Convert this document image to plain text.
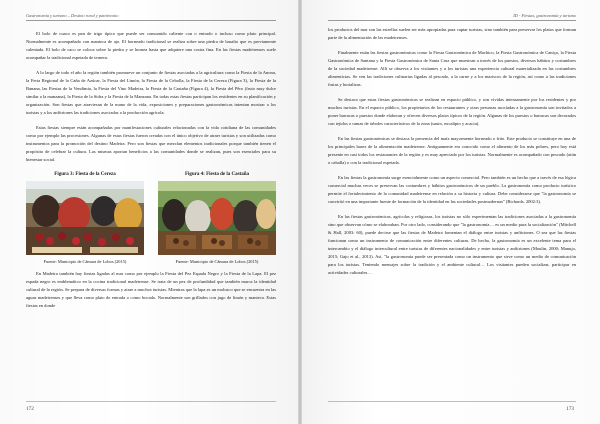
Gastronomía y turismo – Destino rural y patrimonio

El bolo de cuaco es pan de trigo típico que puede ser consumido caliente con o entrado o incluso como plato principal. Normalmente es acompañado con manteca de ajo. El horneado tradicional se realiza sobre una piedra de basalto que es previamente calentada. El bolo de caco se coloca sobre la piedra y se hornea hasta que adquiere una costra fina. En las fiestas madeirenses suele acompañar la tradicional espetada de ternera.

A lo largo de todo el año la región también promueve un conjunto de fiestas asociadas a la agricultura como la Fiesta de la Anona, la Feria Regional de la Caña de Azúcar, la Fiesta del Limón, la Fiesta de la Cebolla, la Fiesta de la Cereza (Figura 3), la Fiesta de la Banana, las Fiestas de la Vendimia, la Fiesta del Vino Madeira, la Fiesta de la Castaña (Figura 4), la Fiesta del Pêro (fruto muy dulce similar a la manzana), la Fiesta de la Sidra y la Fiesta de la Manzana. En todas estas fiestas participan los residentes en su planificación y organización. Son fiestas que atraviesan de la mano de la vida, exposiciones y preparaciones gastronómicas intentan mostrar a los turistas y a los anfitriones las tradiciones asociadas a la producción agrícola.

Estas fiestas siempre están acompañadas por manifestaciones culturales relacionadas con la vida cotidiana de las comunidades como por ejemplo las procesiones. Algunas de estas fiestas fueron creadas con el único objetivo de atraer turistas y son utilizadas como instrumentos para la promoción del destino Madeira. Pero son fiestas que mezclan elementos tradicionales porque también tienen el propósito de celebrar la cultura. Las mismas aportan beneficios a las comunidades donde se realizan, pues son esenciales para su bienestar social.

Figura 3: Fiesta de la Cereza
Fuente: Municipio de Câmara de Lobos (2015)
Figura 4: Fiesta de la Castaña
Fuente: Municipio de Câmara de Lobos (2015)

En Madeira también hay fiestas ligadas al mar como por ejemplo la Fiesta del Pez Espada Negro y la Fiesta de la Lapa. El pez espada negro es emblemático en la cocina tradicional madeirense. Se trata de un pez de profundidad que también marca la identidad cultural de la región. Se prepara de diversas formas y atrae a muchos turistas. Mientras que la lapa es un molusco que se encuentra en las aguas madeirenses y que lleva como plato de entrada o como bocado. Normalmente son grillados con jugo de limón y manteca. Estas fiestas en donde

172
ID - Fiestas, gastronomía y turismo

los productos del mar son las estrellas suelen ser más apropiadas para captar turistas, sino también para preservar los platos que forman parte de la alimentación de las madeirenses.

Finalmente están las fiestas gastronómicas como la Fiesta Gastronómica de Machico, la Fiesta Gastronómica de Caniço, la Fiesta Gastronómica de Santana y la Fiesta Gastronómica de Santa Cruz que muestran a través de los puestos, diversos hábitos y costumbres de la sociedad madeirense. Allí se observa a los visitantes y a los turistas una experiencia cultural materializada en las costumbres alimenticias. Se ven las tradiciones culinarias ligadas al pescado, a la carne y a los mariscos de la región, así como a las tradiciones frutas y hortalizas.

Se destaca que estas fiestas gastronómicas se realizan en espacio público, y son vividas intensamente por los residentes y por muchos turistas. En el espacio público, los propietarios de los restaurantes y otras personas asociadas a la gastronomía son invitados a poner barracas o puestos donde elaboran y ofrecen diversos platos típicos de la región. Algunas de los puestos o barracas son decorados con tejidos o ramas de árboles característicos de la zona (sauto, eucalipto y acacia).

En las fiestas gastronómicas se destaca la presencia del maíz mayormente horneado o frito. Este producto se constituye en una de los principales bases de la alimentación madeirense. Antiguamente era conocido como el alimento de los más pobres, pero hoy está presente en casi todos los restaurantes de la región y es muy apreciado por los turistas. Normalmente es acompañado con pescado (atún o caballa) o con la tradicional espetada.

En las fiestas la gastronomía surge esencialmente como un aspecto comercial. Pero también es un hecho que a través de esa lógica comercial muchas veces se preservan las costumbres y hábitos gastronómicos de un pueblo. La gastronomía como producto turístico permite el fortalecimiento de la comunidad madeirense en relación a su historia y cultura. Debe considerarse que "la gastronomía se convirtió en una importante fuente de formación de la identidad en las sociedades postmodernas" (Richards, 2002:3).

En las fiestas gastronómicas, agrícolas y religiosas, los turistas no sólo experimentan las tradiciones asociadas a la gastronomía sino que observan cómo se elaboraban. Por otro lado, considerando que "la gastronomía… es un medio para la socialización" (Mitchell & Hall, 2003: 60), puede decirse que las fiestas de Madeira fomentan el diálogo entre turistas y anfitriones. O sea que las fiestas funcionan como un instrumento de comunicación entre diferentes culturas. De hecho, la gastronomía es un excelente tema para el intercambio y el diálogo intercultural entre turistas de diferentes nacionalidades y entre turistas y anfitriones (Moulin, 2000; Manujo, 2015; Gajo et al., 2013). Así, "la gastronomía puede ser presentada como un instrumento que sirve como un medio de comunicación para los turistas. Teniendo mensajes sobre la tradición y el ambiente cultural… Los visitantes pueden socializar, participar en actividades culturales…

173
